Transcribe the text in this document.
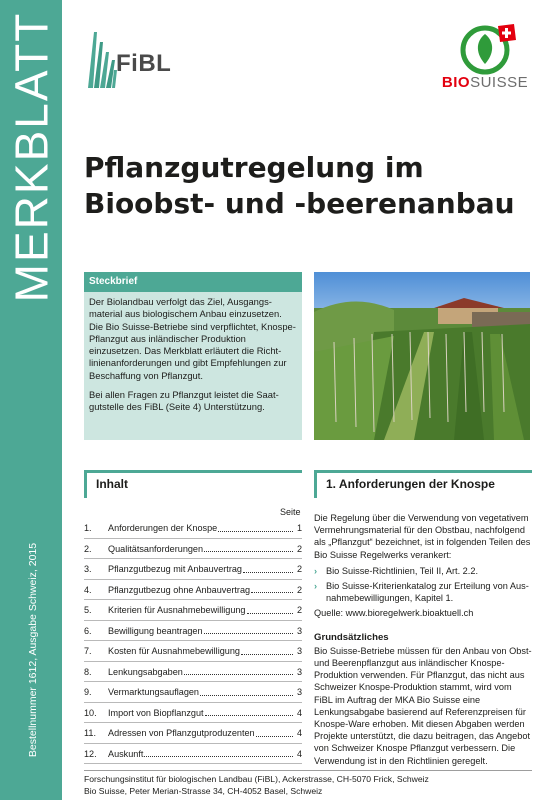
MERKBLATT
Bestellnummer 1612, Ausgabe Schweiz, 2015
FiBL
BIOSUISSE
Pflanzgutregelung im
Bioobst- und -beerenanbau
Steckbrief

Der Biolandbau verfolgt das Ziel, Ausgangsmaterial aus biologischem Anbau einzusetzen. Die Bio Suisse-Betriebe sind verpflichtet, Knospe-Pflanzgut aus inländischer Produktion einzusetzen. Das Merkblatt erläutert die Richtlinienanforderungen und gibt Empfehlungen zur Beschaffung von Pflanzgut.

Bei allen Fragen zu Pflanzgut leistet die Saatgutstelle des FiBL (Seite 4) Unterstützung.

Inhalt
Seite
1.	Anforderungen der Knospe	1
2.	Qualitätsanforderungen	2
3.	Pflanzgutbezug mit Anbauvertrag	2
4.	Pflanzgutbezug ohne Anbauvertrag	2
5.	Kriterien für Ausnahmebewilligung	2
6.	Bewilligung beantragen	3
7.	Kosten für Ausnahmebewilligung	3
8.	Lenkungsabgaben	3
9.	Vermarktungsauflagen	3
10.	Import von Biopflanzgut	4
11.	Adressen von Pflanzgutproduzenten	4
12.	Auskunft	4
1. Anforderungen der Knospe

Die Regelung über die Verwendung von vegetativem Vermehrungsmaterial für den Obstbau, nachfolgend als „Pflanzgut“ bezeichnet, ist in folgenden Teilen des Bio Suisse Regelwerks verankert:

› Bio Suisse-Richtlinien, Teil II, Art. 2.2.
› Bio Suisse-Kriterienkatalog zur Erteilung von Ausnahmebewilligungen, Kapitel 1.

Quelle: www.bioregelwerk.bioaktuell.ch

Grundsätzliches

Bio Suisse-Betriebe müssen für den Anbau von Obst- und Beerenpflanzgut aus inländischer Knospe-Produktion verwenden. Für Pflanzgut, das nicht aus Schweizer Knospe-Produktion stammt, wird vom FiBL im Auftrag der MKA Bio Suisse eine Lenkungsabgabe basierend auf Referenzpreisen für Knospe-Ware erhoben. Mit diesen Abgaben werden Projekte unterstützt, die dazu beitragen, das Angebot von Schweizer Knospe Pflanzgut verbessern. Die Verwendung ist in den Richtlinien geregelt.

Forschungsinstitut für biologischen Landbau (FiBL), Ackerstrasse, CH-5070 Frick, Schweiz
Bio Suisse, Peter Merian-Strasse 34, CH-4052 Basel, Schweiz
